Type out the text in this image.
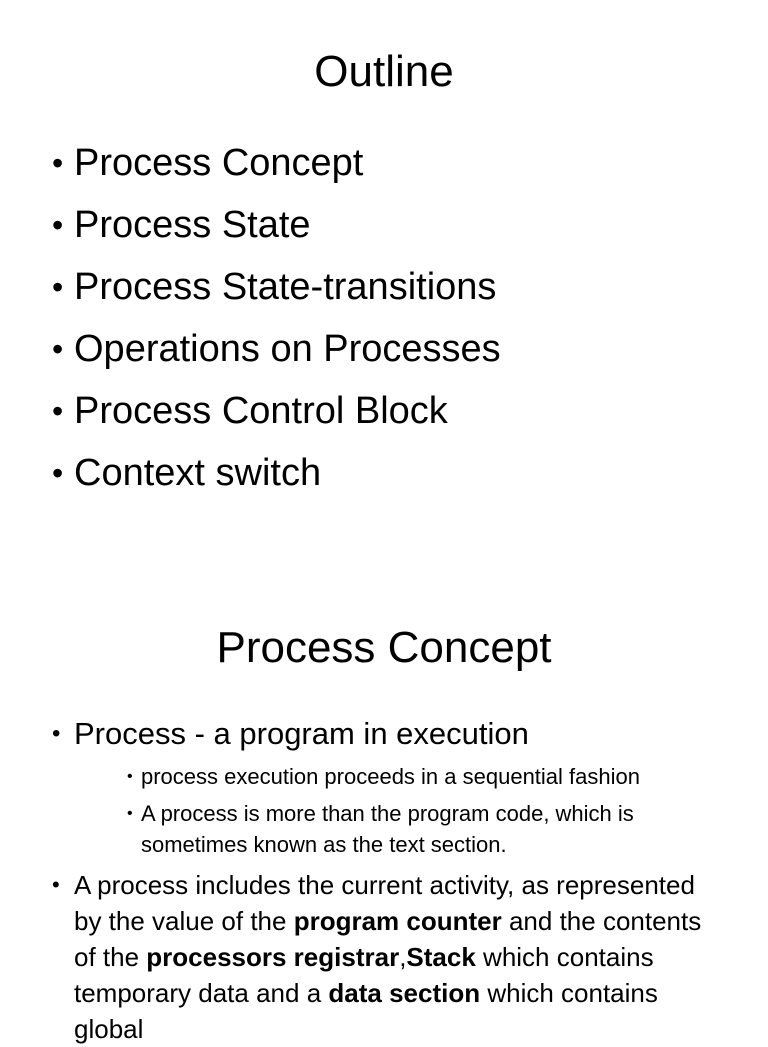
Outline
• Process Concept
• Process State
• Process State-transitions
• Operations on Processes
• Process Control Block
• Context switch
Process Concept
• Process - a program in execution
• process execution proceeds in a sequential fashion
• A process is more than the program code, which is sometimes known as the text section.
• A process includes the current activity, as represented by the value of the program counter and the contents of the processors registrar,Stack which contains temporary data and a data section which contains global
